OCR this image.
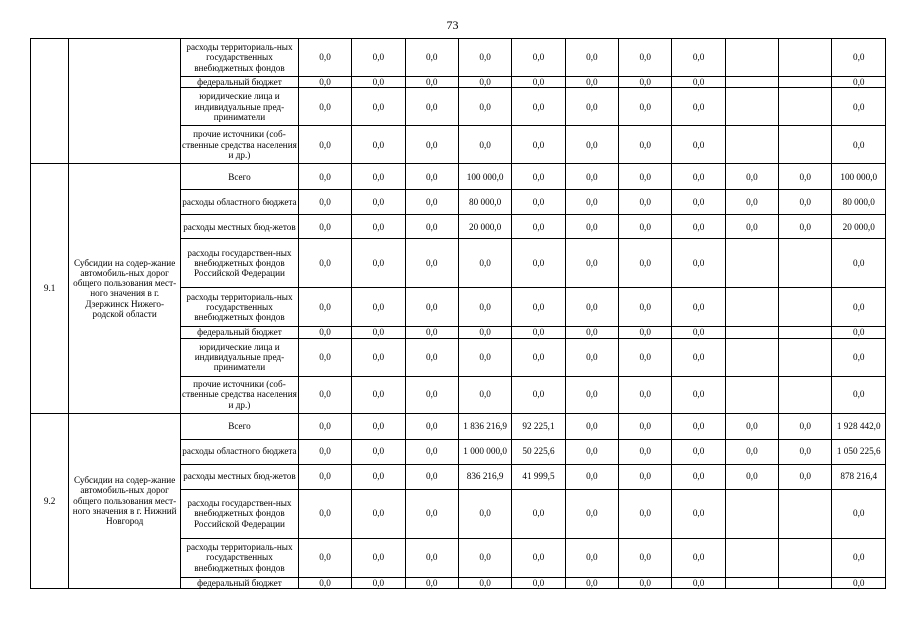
73
		расходы территориаль-ных государственных внебюджетных фондов	0,0	0,0	0,0	0,0	0,0	0,0	0,0	0,0			0,0
		федеральный бюджет	0,0	0,0	0,0	0,0	0,0	0,0	0,0	0,0			0,0
		юридические лица и индивидуальные пред-приниматели	0,0	0,0	0,0	0,0	0,0	0,0	0,0	0,0			0,0
		прочие источники (соб-ственные средства населения и др.)	0,0	0,0	0,0	0,0	0,0	0,0	0,0	0,0			0,0
9.1	Субсидии на содер-жание автомобиль-ных дорог общего пользования мест-ного значения в г. Дзержинск Нижего-родской области	Всего	0,0	0,0	0,0	100 000,0	0,0	0,0	0,0	0,0	0,0	0,0	100 000,0
		расходы областного бюджета	0,0	0,0	0,0	80 000,0	0,0	0,0	0,0	0,0	0,0	0,0	80 000,0
		расходы местных бюд-жетов	0,0	0,0	0,0	20 000,0	0,0	0,0	0,0	0,0	0,0	0,0	20 000,0
		расходы государствен-ных внебюджетных фондов Российской Федерации	0,0	0,0	0,0	0,0	0,0	0,0	0,0	0,0			0,0
		расходы территориаль-ных государственных внебюджетных фондов	0,0	0,0	0,0	0,0	0,0	0,0	0,0	0,0			0,0
		федеральный бюджет	0,0	0,0	0,0	0,0	0,0	0,0	0,0	0,0			0,0
		юридические лица и индивидуальные пред-приниматели	0,0	0,0	0,0	0,0	0,0	0,0	0,0	0,0			0,0
		прочие источники (соб-ственные средства населения и др.)	0,0	0,0	0,0	0,0	0,0	0,0	0,0	0,0			0,0
9.2	Субсидии на содер-жание автомобиль-ных дорог общего пользования мест-ного значения в г. Нижний Новгород	Всего	0,0	0,0	0,0	1 836 216,9	92 225,1	0,0	0,0	0,0	0,0	0,0	1 928 442,0
		расходы областного бюджета	0,0	0,0	0,0	1 000 000,0	50 225,6	0,0	0,0	0,0	0,0	0,0	1 050 225,6
		расходы местных бюд-жетов	0,0	0,0	0,0	836 216,9	41 999,5	0,0	0,0	0,0	0,0	0,0	878 216,4
		расходы государствен-ных внебюджетных фондов Российской Федерации	0,0	0,0	0,0	0,0	0,0	0,0	0,0	0,0			0,0
		расходы территориаль-ных государственных внебюджетных фондов	0,0	0,0	0,0	0,0	0,0	0,0	0,0	0,0			0,0
		федеральный бюджет	0,0	0,0	0,0	0,0	0,0	0,0	0,0	0,0			0,0
